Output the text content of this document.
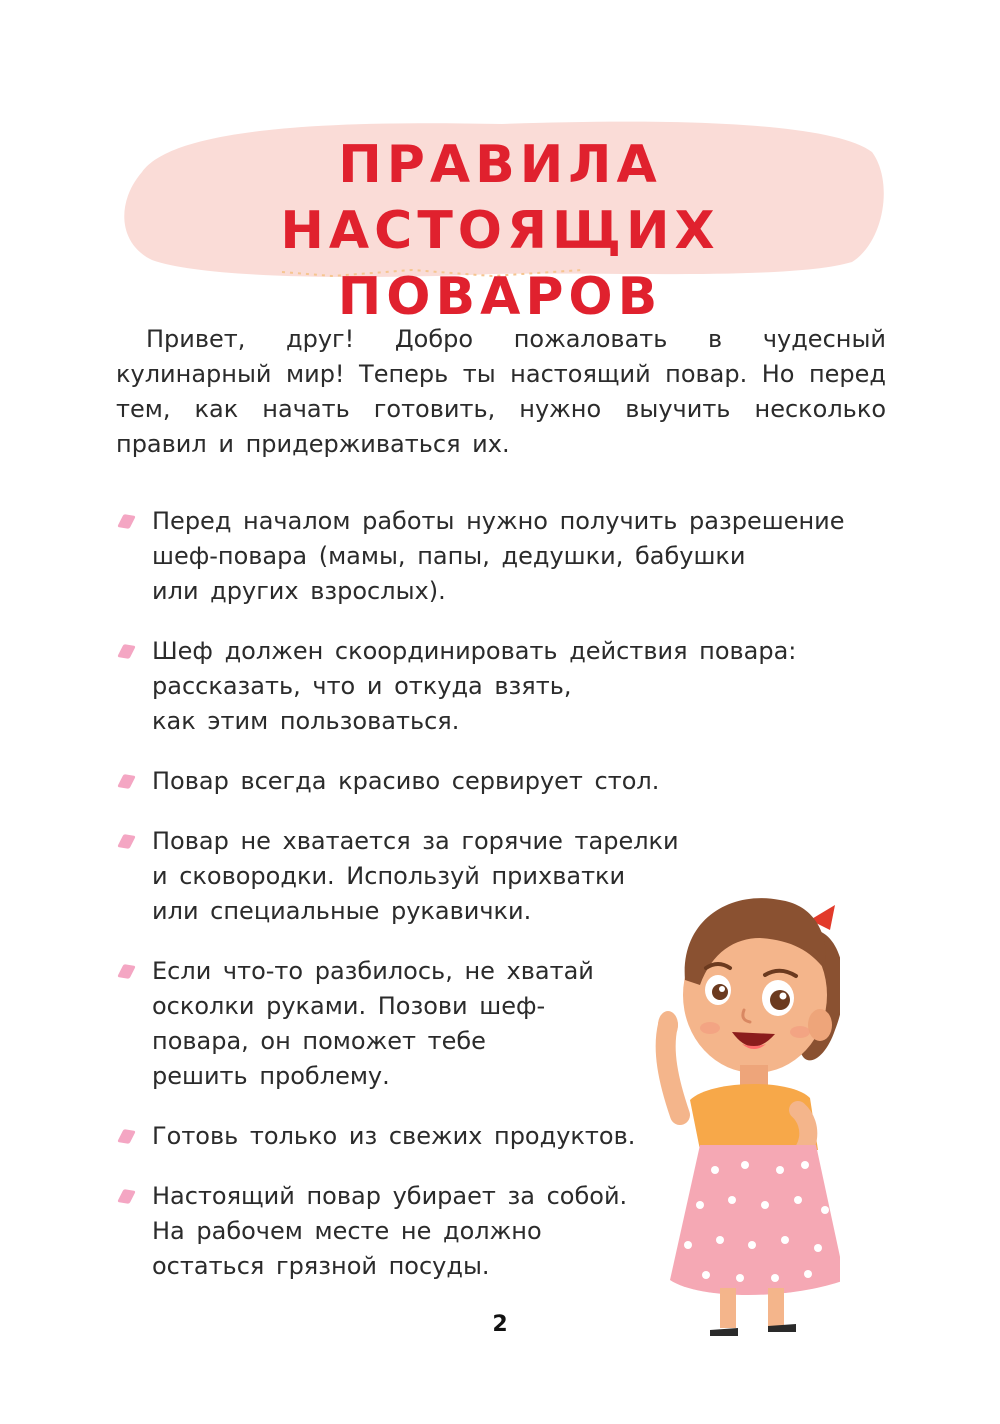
ПРАВИЛА
НАСТОЯЩИХ ПОВАРОВ

Привет, друг! Добро пожаловать в чудесный кулинарный мир! Теперь ты настоящий повар. Но перед тем, как начать готовить, нужно выучить несколько правил и придерживаться их.

Перед началом работы нужно получить разрешение
шеф-повара (мамы, папы, дедушки, бабушки
или других взрослых).
Шеф должен скоординировать действия повара:
рассказать, что и откуда взять,
как этим пользоваться.
Повар всегда красиво сервирует стол.
Повар не хватается за горячие тарелки
и сковородки. Используй прихватки
или специальные рукавички.
Если что-то разбилось, не хватай
осколки руками. Позови шеф-
повара, он поможет тебе
решить проблему.
Готовь только из свежих продуктов.
Настоящий повар убирает за собой.
На рабочем месте не должно
остаться грязной посуды.
2
